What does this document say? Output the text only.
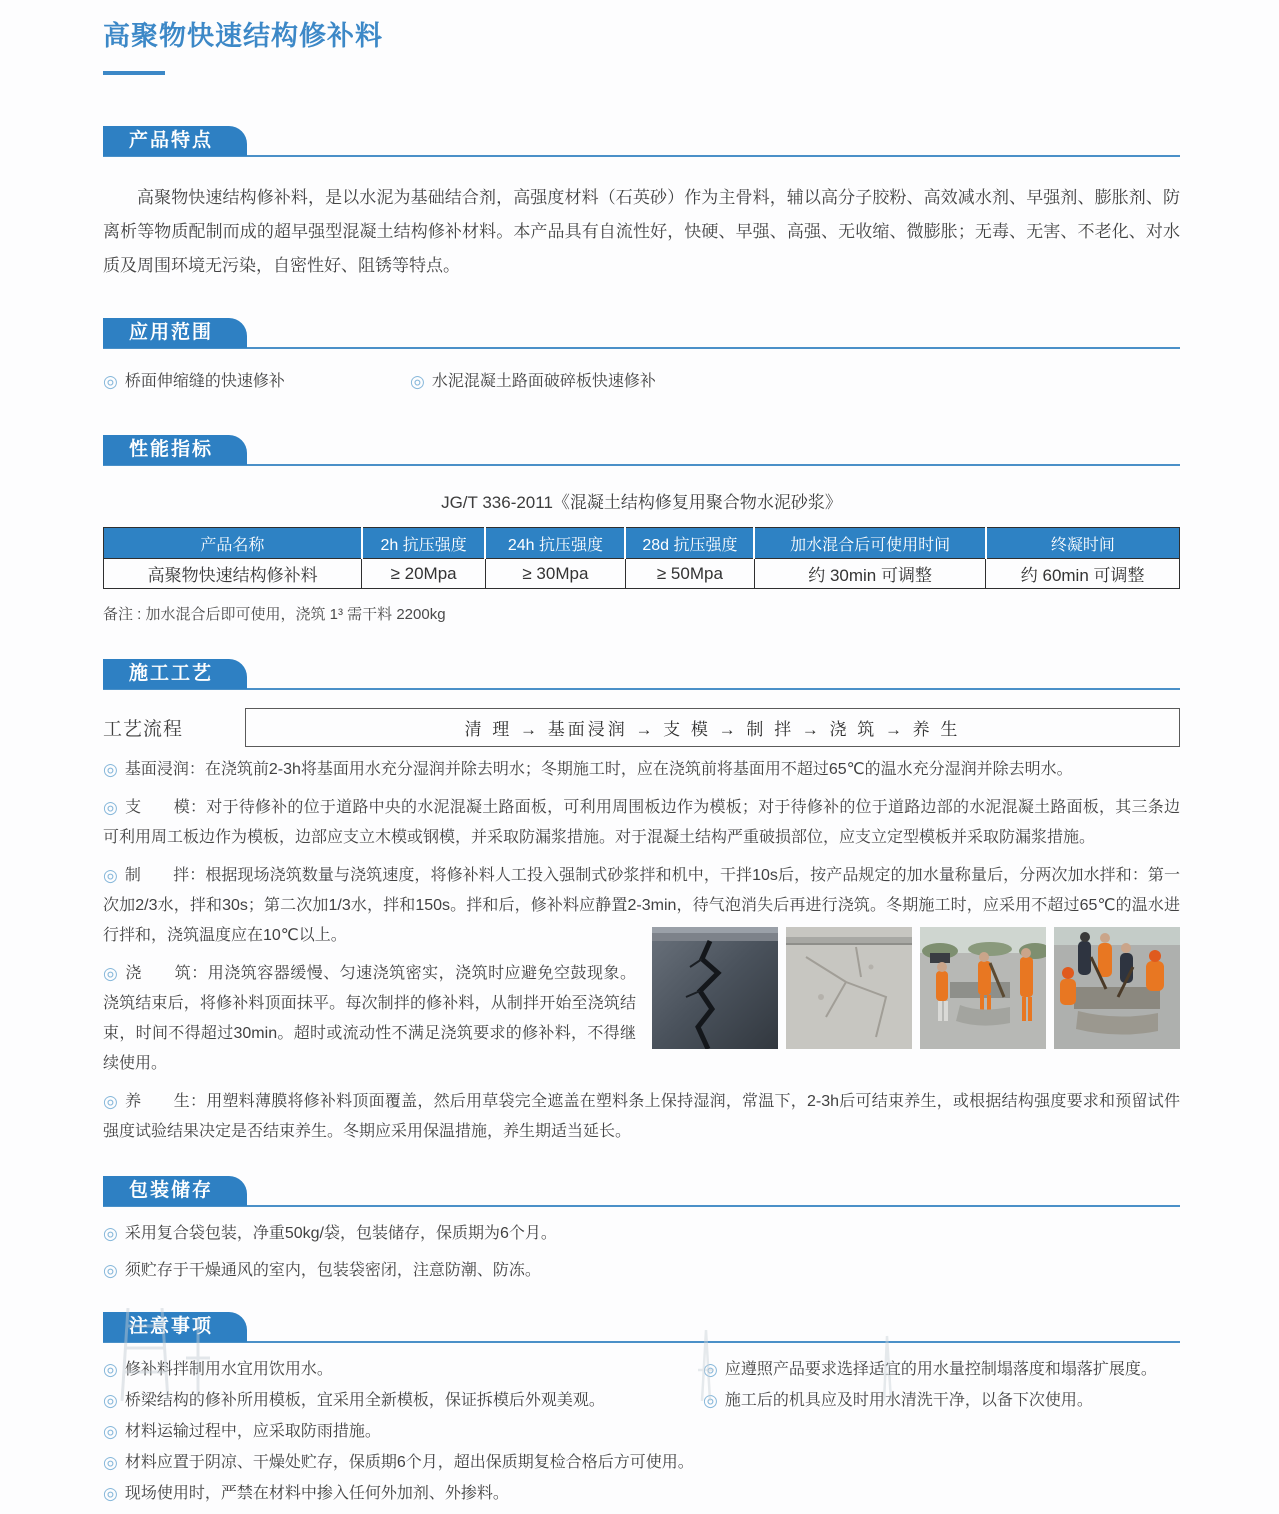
高聚物快速结构修补料
产品特点
高聚物快速结构修补料，是以水泥为基础结合剂，高强度材料（石英砂）作为主骨料，辅以高分子胶粉、高效减水剂、早强剂、膨胀剂、防离析等物质配制而成的超早强型混凝土结构修补材料。本产品具有自流性好，快硬、早强、高强、无收缩、微膨胀；无毒、无害、不老化、对水质及周围环境无污染，自密性好、阻锈等特点。
应用范围
◎ 桥面伸缩缝的快速修补	◎ 水泥混凝土路面破碎板快速修补
性能指标
JG/T 336-2011《混凝土结构修复用聚合物水泥砂浆》
产品名称	2h 抗压强度	24h 抗压强度	28d 抗压强度	加水混合后可使用时间	终凝时间
高聚物快速结构修补料	≥ 20Mpa	≥ 30Mpa	≥ 50Mpa	约 30min 可调整	约 60min 可调整
备注 : 加水混合后即可使用，浇筑 1³ 需干料 2200kg
施工工艺
工艺流程	清 理 → 基面浸润 → 支 模 → 制 拌 → 浇 筑 → 养 生
◎ 基面浸润：在浇筑前2-3h将基面用水充分湿润并除去明水；冬期施工时，应在浇筑前将基面用不超过65℃的温水充分湿润并除去明水。
◎ 支　　模：对于待修补的位于道路中央的水泥混凝土路面板，可利用周围板边作为模板；对于待修补的位于道路边部的水泥混凝土路面板，其三条边可利用周工板边作为模板，边部应支立木模或钢模，并采取防漏浆措施。对于混凝土结构严重破损部位，应支立定型模板并采取防漏浆措施。
◎ 制　　拌：根据现场浇筑数量与浇筑速度，将修补料人工投入强制式砂浆拌和机中，干拌10s后，按产品规定的加水量称量后，分两次加水拌和：第一次加2/3水，拌和30s；第二次加1/3水，拌和150s。拌和后，修补料应静置2-3min，待气泡消失后再进行浇筑。冬期施工时，应采用不超过65℃的温水进行拌和，浇筑温度应在10℃以上。
◎ 浇　　筑：用浇筑容器缓慢、匀速浇筑密实，浇筑时应避免空鼓现象。浇筑结束后，将修补料顶面抹平。每次制拌的修补料，从制拌开始至浇筑结束，时间不得超过30min。超时或流动性不满足浇筑要求的修补料，不得继续使用。
◎ 养　　生：用塑料薄膜将修补料顶面覆盖，然后用草袋完全遮盖在塑料条上保持湿润，常温下，2-3h后可结束养生，或根据结构强度要求和预留试件强度试验结果决定是否结束养生。冬期应采用保温措施，养生期适当延长。
包装储存
◎ 采用复合袋包装，净重50kg/袋，包装储存，保质期为6个月。
◎ 须贮存于干燥通风的室内，包装袋密闭，注意防潮、防冻。
注意事项
◎ 修补料拌制用水宜用饮用水。
◎ 桥梁结构的修补所用模板，宜采用全新模板，保证拆模后外观美观。
◎ 材料运输过程中，应采取防雨措施。
◎ 材料应置于阴凉、干燥处贮存，保质期6个月，超出保质期复检合格后方可使用。
◎ 现场使用时，严禁在材料中掺入任何外加剂、外掺料。
◎ 应遵照产品要求选择适宜的用水量控制塌落度和塌落扩展度。
◎ 施工后的机具应及时用水清洗干净，以备下次使用。
